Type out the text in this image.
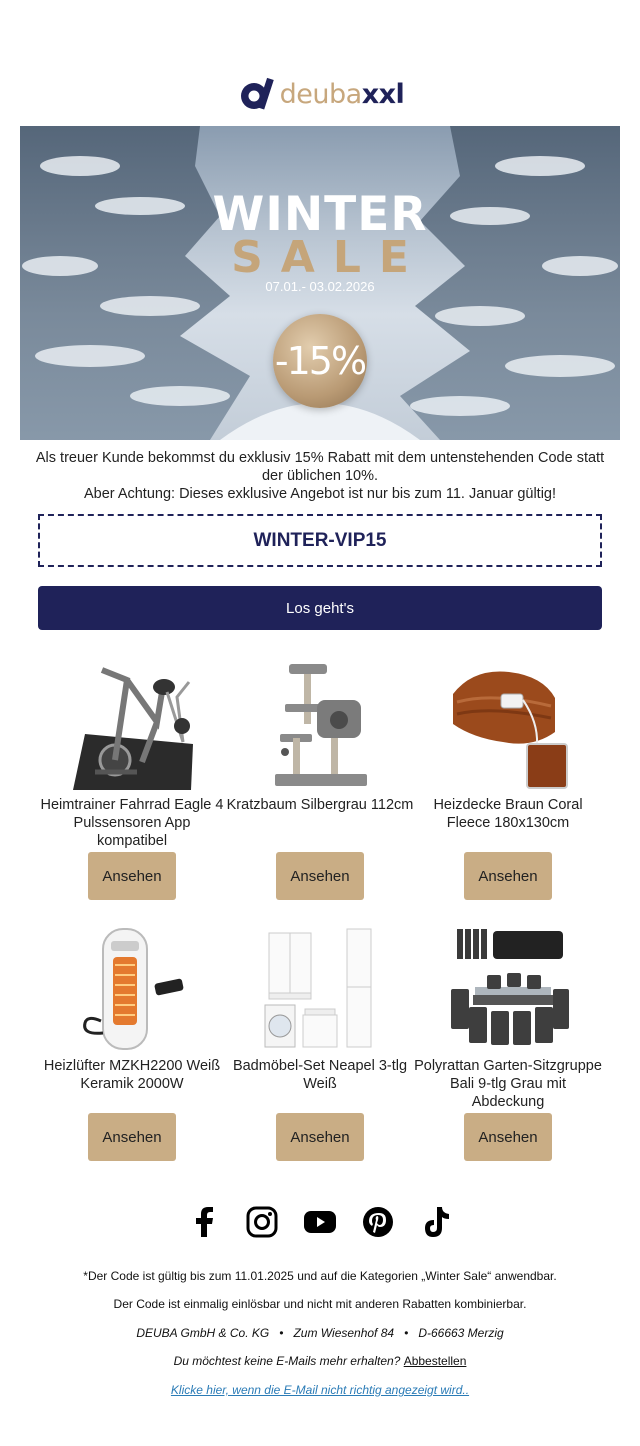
deubaxxl
WINTER
SALE
07.01.- 03.02.2026
-15%
Als treuer Kunde bekommst du exklusiv 15% Rabatt mit dem untenstehenden Code statt der üblichen 10%.
Aber Achtung: Dieses exklusive Angebot ist nur bis zum 11. Januar gültig!
WINTER-VIP15
Los geht's
Heimtrainer Fahrrad Eagle 4 Pulssensoren App kompatibel
Ansehen
Kratzbaum Silbergrau 112cm
Ansehen
Heizdecke Braun Coral Fleece 180x130cm
Ansehen
Heizlüfter MZKH2200 Weiß Keramik 2000W
Ansehen
Badmöbel-Set Neapel 3-tlg Weiß
Ansehen
Polyrattan Garten-Sitzgruppe Bali 9-tlg Grau mit Abdeckung
Ansehen
*Der Code ist gültig bis zum 11.01.2025 und auf die Kategorien „Winter Sale“ anwendbar.
Der Code ist einmalig einlösbar und nicht mit anderen Rabatten kombinierbar.
DEUBA GmbH & Co. KG   •   Zum Wiesenhof 84   •   D-66663 Merzig
Du möchtest keine E-Mails mehr erhalten? Abbestellen
Klicke hier, wenn die E-Mail nicht richtig angezeigt wird..
